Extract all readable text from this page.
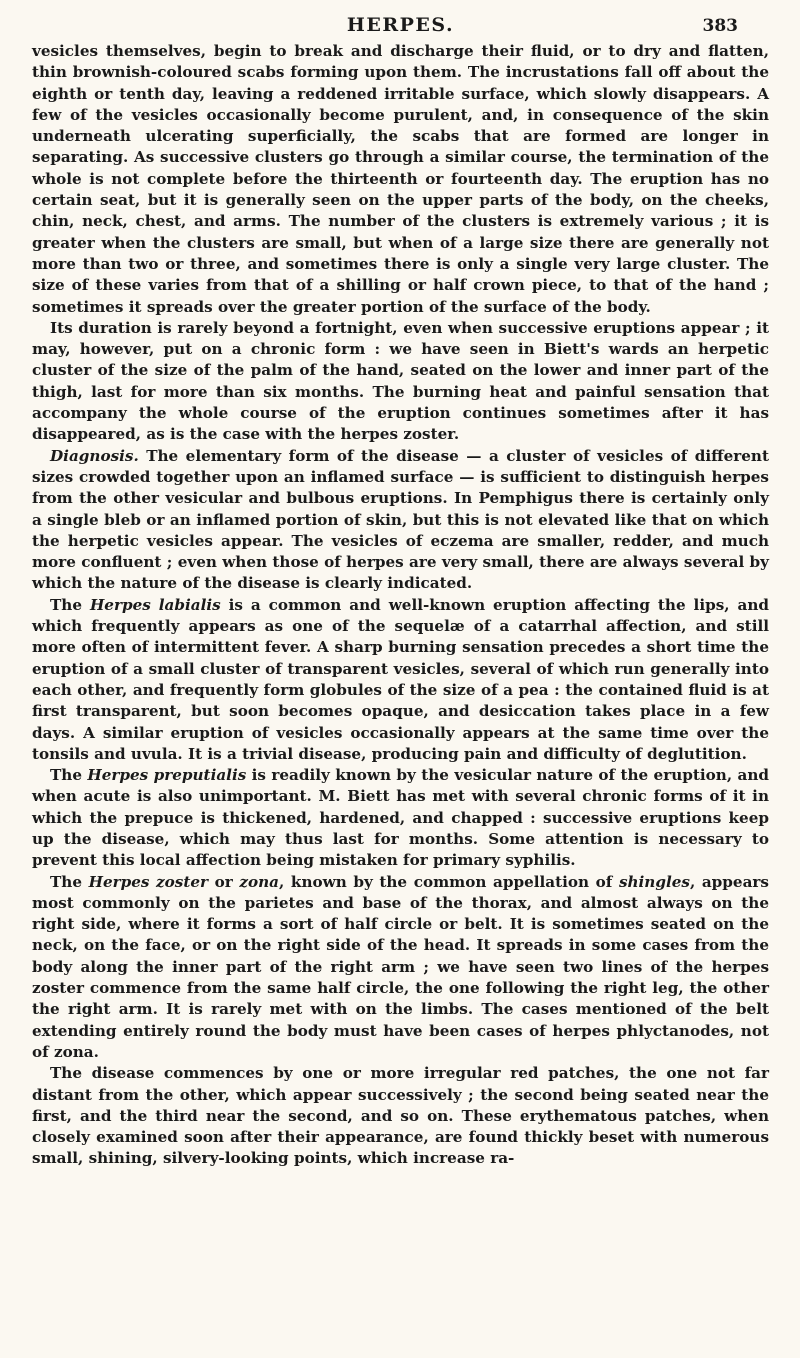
HERPES.	383

vesicles themselves, begin to break and discharge their fluid, or to dry and flatten, thin brownish-coloured scabs forming upon them. The incrustations fall off about the eighth or tenth day, leaving a reddened irritable surface, which slowly disappears. A few of the vesicles occasionally become purulent, and, in consequence of the skin underneath ulcerating superficially, the scabs that are formed are longer in separating. As successive clusters go through a similar course, the termination of the whole is not complete before the thirteenth or fourteenth day. The eruption has no certain seat, but it is generally seen on the upper parts of the body, on the cheeks, chin, neck, chest, and arms. The number of the clusters is extremely various ; it is greater when the clusters are small, but when of a large size there are generally not more than two or three, and sometimes there is only a single very large cluster. The size of these varies from that of a shilling or half crown piece, to that of the hand ; sometimes it spreads over the greater portion of the surface of the body.

Its duration is rarely beyond a fortnight, even when successive eruptions appear ; it may, however, put on a chronic form : we have seen in Biett's wards an herpetic cluster of the size of the palm of the hand, seated on the lower and inner part of the thigh, last for more than six months. The burning heat and painful sensation that accompany the whole course of the eruption continues sometimes after it has disappeared, as is the case with the herpes zoster.

Diagnosis. The elementary form of the disease — a cluster of vesicles of different sizes crowded together upon an inflamed surface — is sufficient to distinguish herpes from the other vesicular and bulbous eruptions. In Pemphigus there is certainly only a single bleb or an inflamed portion of skin, but this is not elevated like that on which the herpetic vesicles appear. The vesicles of eczema are smaller, redder, and much more confluent ; even when those of herpes are very small, there are always several by which the nature of the disease is clearly indicated.

The Herpes labialis is a common and well-known eruption affecting the lips, and which frequently appears as one of the sequelæ of a catarrhal affection, and still more often of intermittent fever. A sharp burning sensation precedes a short time the eruption of a small cluster of transparent vesicles, several of which run generally into each other, and frequently form globules of the size of a pea : the contained fluid is at first transparent, but soon becomes opaque, and desiccation takes place in a few days. A similar eruption of vesicles occasionally appears at the same time over the tonsils and uvula. It is a trivial disease, producing pain and difficulty of deglutition.

The Herpes preputialis is readily known by the vesicular nature of the eruption, and when acute is also unimportant. M. Biett has met with several chronic forms of it in which the prepuce is thickened, hardened, and chapped : successive eruptions keep up the disease, which may thus last for months. Some attention is necessary to prevent this local affection being mistaken for primary syphilis.

The Herpes zoster or zona, known by the common appellation of shingles, appears most commonly on the parietes and base of the thorax, and almost always on the right side, where it forms a sort of half circle or belt. It is sometimes seated on the neck, on the face, or on the right side of the head. It spreads in some cases from the body along the inner part of the right arm ; we have seen two lines of the herpes zoster commence from the same half circle, the one following the right leg, the other the right arm. It is rarely met with on the limbs. The cases mentioned of the belt extending entirely round the body must have been cases of herpes phlyctanodes, not of zona.

The disease commences by one or more irregular red patches, the one not far distant from the other, which appear successively ; the second being seated near the first, and the third near the second, and so on. These erythematous patches, when closely examined soon after their appearance, are found thickly beset with numerous small, shining, silvery-looking points, which increase ra-
